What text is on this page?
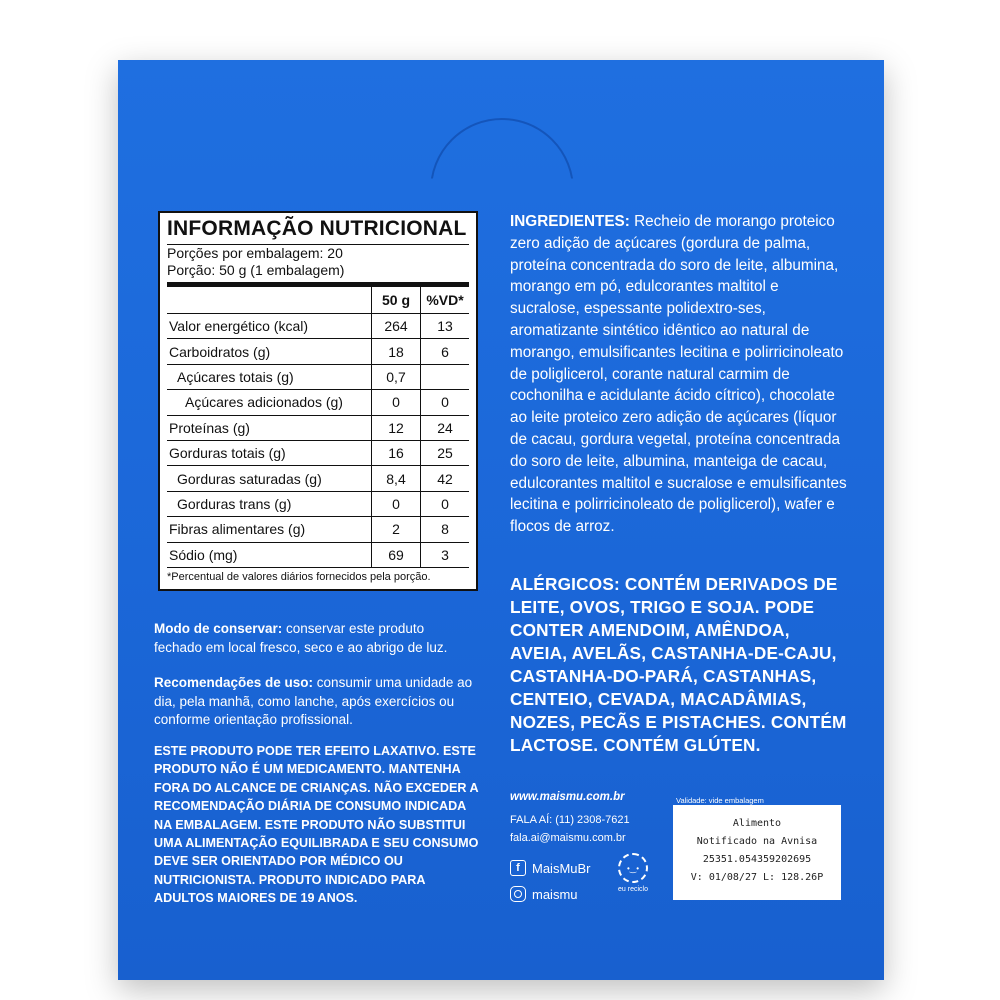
INFORMAÇÃO NUTRICIONAL
Porções por embalagem: 20
Porção: 50 g (1 embalagem)
	50 g	%VD*
Valor energético (kcal)	264	13
Carboidratos (g)	18	6
Açúcares totais (g)	0,7	
Açúcares adicionados (g)	0	0
Proteínas (g)	12	24
Gorduras totais (g)	16	25
Gorduras saturadas (g)	8,4	42
Gorduras trans (g)	0	0
Fibras alimentares (g)	2	8
Sódio (mg)	69	3
*Percentual de valores diários fornecidos pela porção.
Modo de conservar: conservar este produto fechado em local fresco, seco e ao abrigo de luz.
Recomendações de uso: consumir uma unidade ao dia, pela manhã, como lanche, após exercícios ou conforme orientação profissional.
ESTE PRODUTO PODE TER EFEITO LAXATIVO. ESTE PRODUTO NÃO É UM MEDICAMENTO. MANTENHA FORA DO ALCANCE DE CRIANÇAS. NÃO EXCEDER A RECOMENDAÇÃO DIÁRIA DE CONSUMO INDICADA NA EMBALAGEM. ESTE PRODUTO NÃO SUBSTITUI UMA ALIMENTAÇÃO EQUILIBRADA E SEU CONSUMO DEVE SER ORIENTADO POR MÉDICO OU NUTRICIONISTA. PRODUTO INDICADO PARA ADULTOS MAIORES DE 19 ANOS.
INGREDIENTES: Recheio de morango proteico zero adição de açúcares (gordura de palma, proteína concentrada do soro de leite, albumina, morango em pó, edulcorantes maltitol e sucralose, espessante polidextro-ses, aromatizante sintético idêntico ao natural de morango, emulsificantes lecitina e polirricinoleato de poliglicerol, corante natural carmim de cochonilha e acidulante ácido cítrico), chocolate ao leite proteico zero adição de açúcares (líquor de cacau, gordura vegetal, proteína concentrada do soro de leite, albumina, manteiga de cacau, edulcorantes maltitol e sucralose e emulsificantes lecitina e polirricinoleato de poliglicerol), wafer e flocos de arroz.
ALÉRGICOS: CONTÉM DERIVADOS DE LEITE, OVOS, TRIGO E SOJA. PODE CONTER AMENDOIM, AMÊNDOA, AVEIA, AVELÃS, CASTANHA-DE-CAJU, CASTANHA-DO-PARÁ, CASTANHAS, CENTEIO, CEVADA, MACADÂMIAS, NOZES, PECÃS E PISTACHES. CONTÉM LACTOSE. CONTÉM GLÚTEN.
www.maismu.com.br
FALA AÍ: (11) 2308-7621
fala.ai@maismu.com.br
f MaisMuBr
maismu
•‿•
eu reciclo
Validade: vide embalagem
Alimento
Notificado na Avnisa
25351.054359202695
V: 01/08/27 L: 128.26P
